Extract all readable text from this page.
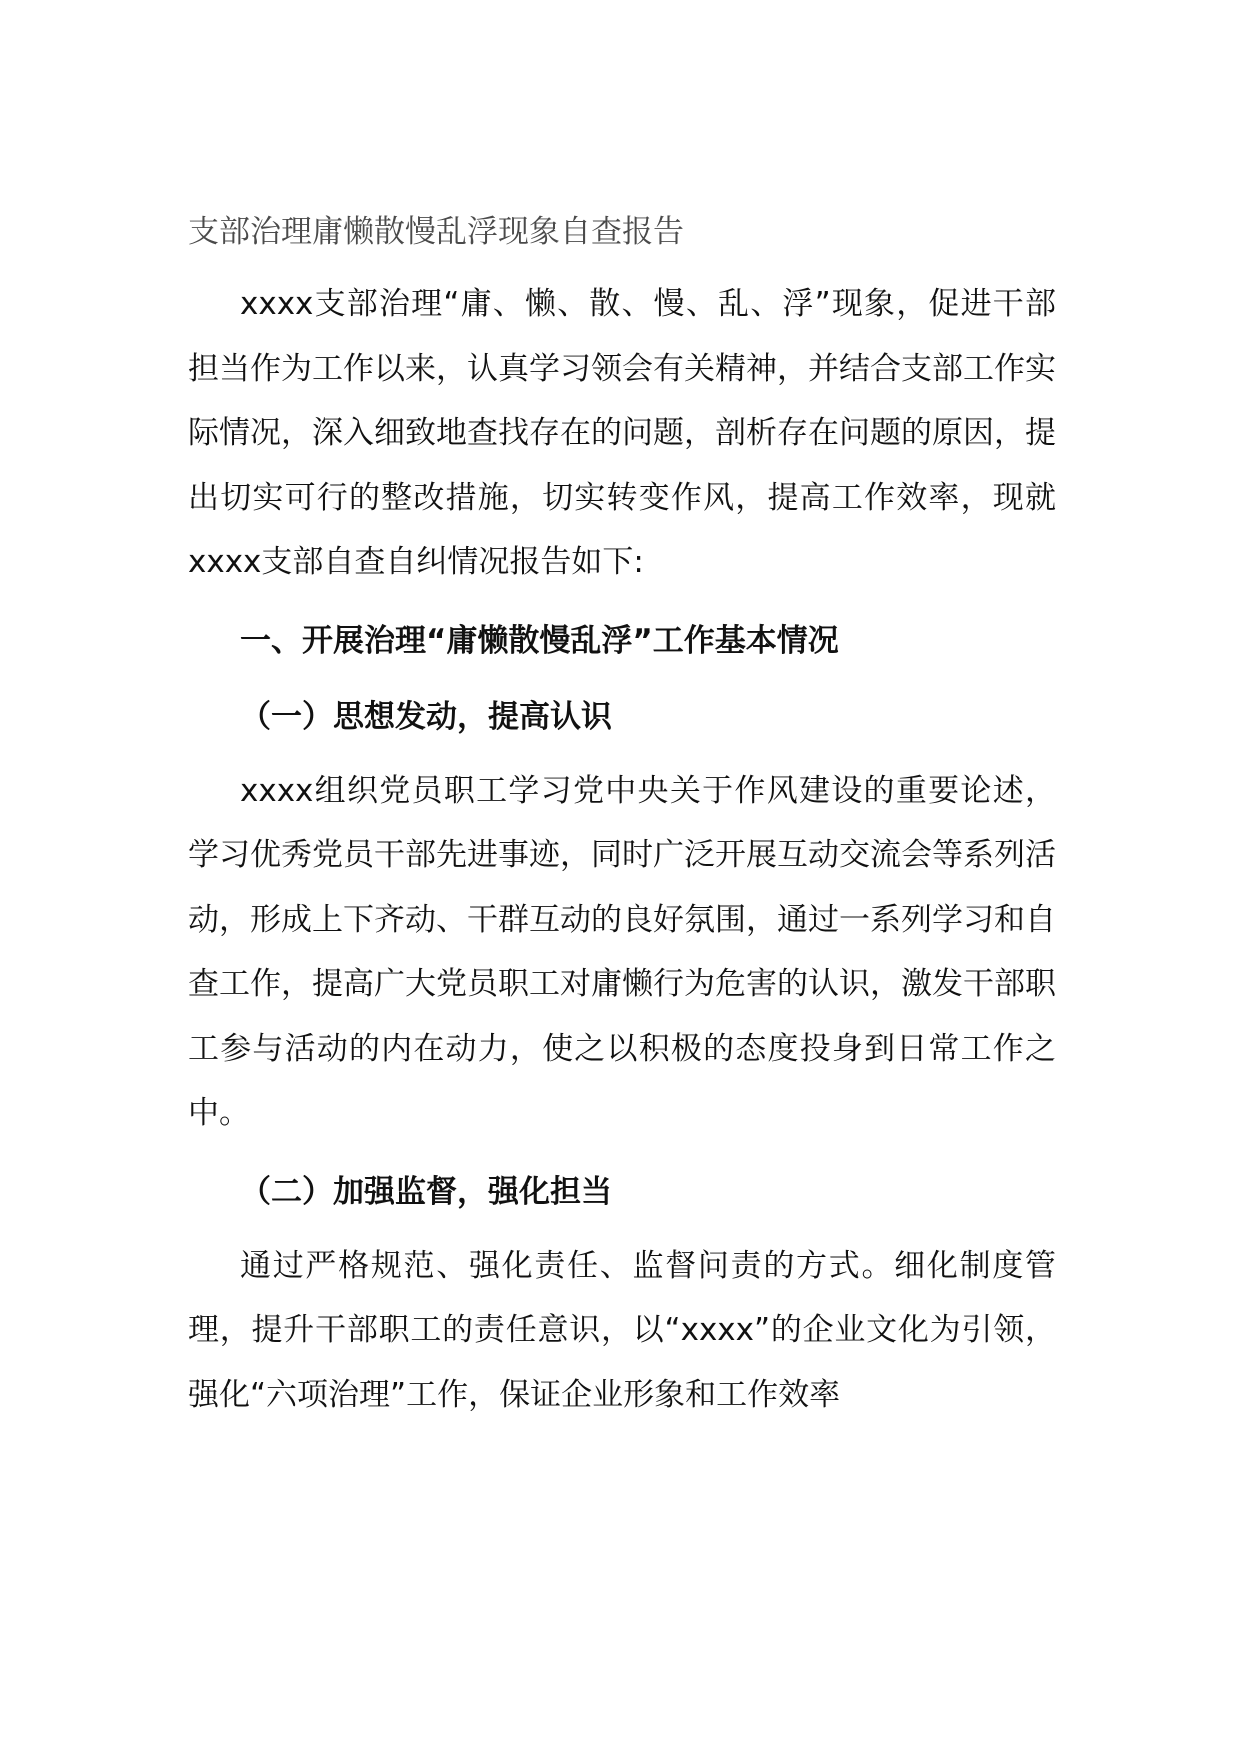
支部治理庸懒散慢乱浮现象自查报告

xxxx支部治理“庸、懒、散、慢、乱、浮”现象，促进干部担当作为工作以来，认真学习领会有关精神，并结合支部工作实际情况，深入细致地查找存在的问题，剖析存在问题的原因，提出切实可行的整改措施，切实转变作风，提高工作效率，现就xxxx支部自查自纠情况报告如下:

一、开展治理“庸懒散慢乱浮”工作基本情况
（一）思想发动，提高认识

xxxx组织党员职工学习党中央关于作风建设的重要论述，学习优秀党员干部先进事迹，同时广泛开展互动交流会等系列活动，形成上下齐动、干群互动的良好氛围，通过一系列学习和自查工作，提高广大党员职工对庸懒行为危害的认识，激发干部职工参与活动的内在动力，使之以积极的态度投身到日常工作之中。

（二）加强监督，强化担当

通过严格规范、强化责任、监督问责的方式。细化制度管理，提升干部职工的责任意识，以“xxxx”的企业文化为引领，强化“六项治理”工作，保证企业形象和工作效率
